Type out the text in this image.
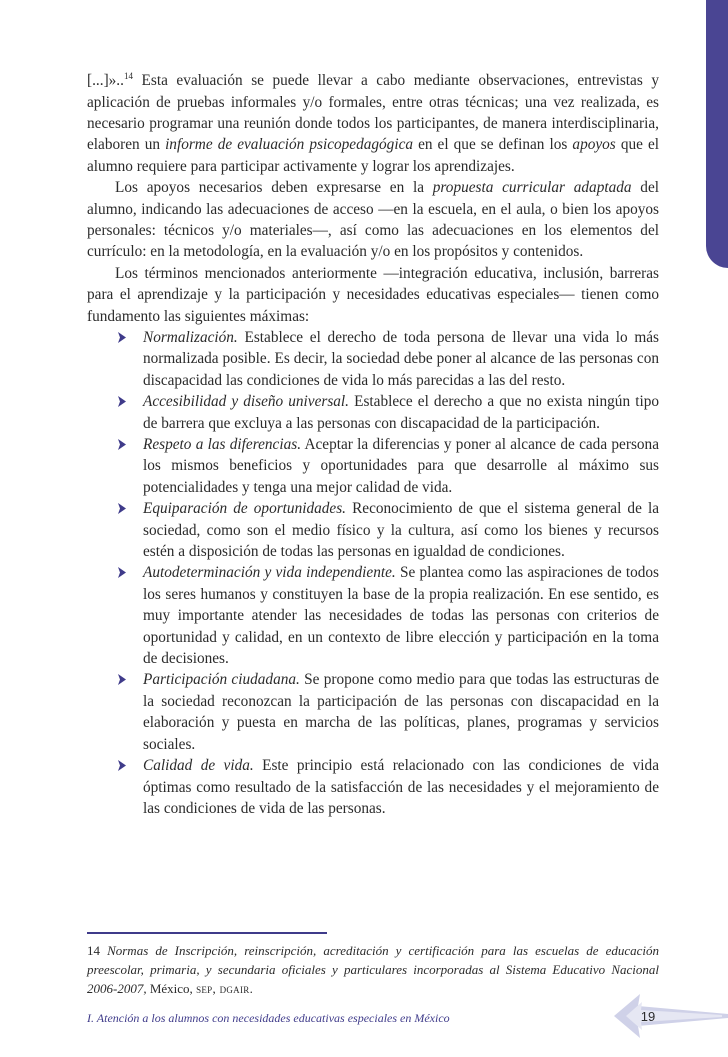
[...]»..$^{14}$ Esta evaluación se puede llevar a cabo mediante observaciones, entrevistas y aplicación de pruebas informales y/o formales, entre otras técnicas; una vez realizada, es necesario programar una reunión donde todos los participantes, de manera interdisciplinaria, elaboren un informe de evaluación psicopedagógica en el que se definan los apoyos que el alumno requiere para participar activamente y lograr los aprendizajes.

Los apoyos necesarios deben expresarse en la propuesta curricular adaptada del alumno, indicando las adecuaciones de acceso —en la escuela, en el aula, o bien los apoyos personales: técnicos y/o materiales—, así como las adecuaciones en los elementos del currículo: en la metodología, en la evaluación y/o en los propósitos y contenidos.

Los términos mencionados anteriormente —integración educativa, inclusión, barreras para el aprendizaje y la participación y necesidades educativas especiales— tienen como fundamento las siguientes máximas:

Normalización. Establece el derecho de toda persona de llevar una vida lo más normalizada posible. Es decir, la sociedad debe poner al alcance de las personas con discapacidad las condiciones de vida lo más parecidas a las del resto.
Accesibilidad y diseño universal. Establece el derecho a que no exista ningún tipo de barrera que excluya a las personas con discapacidad de la participación.
Respeto a las diferencias. Aceptar la diferencias y poner al alcance de cada persona los mismos beneficios y oportunidades para que desarrolle al máximo sus potencialidades y tenga una mejor calidad de vida.
Equiparación de oportunidades. Reconocimiento de que el sistema general de la sociedad, como son el medio físico y la cultura, así como los bienes y recursos estén a disposición de todas las personas en igualdad de condiciones.
Autodeterminación y vida independiente. Se plantea como las aspiraciones de todos los seres humanos y constituyen la base de la propia realización. En ese sentido, es muy importante atender las necesidades de todas las personas con criterios de oportunidad y calidad, en un contexto de libre elección y participación en la toma de decisiones.
Participación ciudadana. Se propone como medio para que todas las estructuras de la sociedad reconozcan la participación de las personas con discapacidad en la elaboración y puesta en marcha de las políticas, planes, programas y servicios sociales.
Calidad de vida. Este principio está relacionado con las condiciones de vida óptimas como resultado de la satisfacción de las necesidades y el mejoramiento de las condiciones de vida de las personas.
14 Normas de Inscripción, reinscripción, acreditación y certificación para las escuelas de educación preescolar, primaria, y secundaria oficiales y particulares incorporadas al Sistema Educativo Nacional 2006-2007, México, sep, dgair.
I. Atención a los alumnos con necesidades educativas especiales en México	19
